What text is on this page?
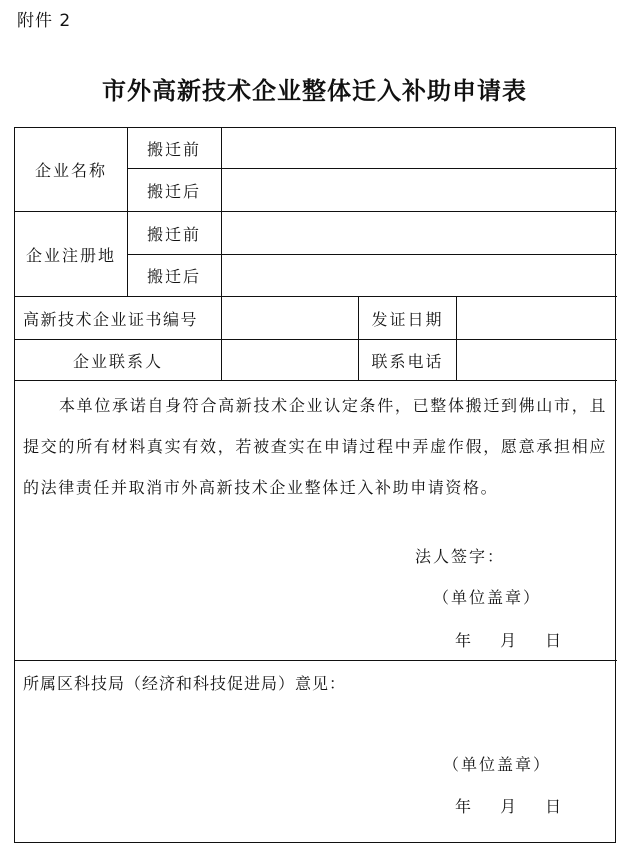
附件 2
市外高新技术企业整体迁入补助申请表
企业名称
搬迁前
搬迁后
企业注册地
搬迁前
搬迁后
高新技术企业证书编号	发证日期
企业联系人	联系电话

本单位承诺自身符合高新技术企业认定条件，已整体搬迁到佛山市，且提交的所有材料真实有效，若被查实在申请过程中弄虚作假，愿意承担相应的法律责任并取消市外高新技术企业整体迁入补助申请资格。

法人签字：
（单位盖章）
年 月 日
所属区科技局（经济和科技促进局）意见：
（单位盖章）
年 月 日
